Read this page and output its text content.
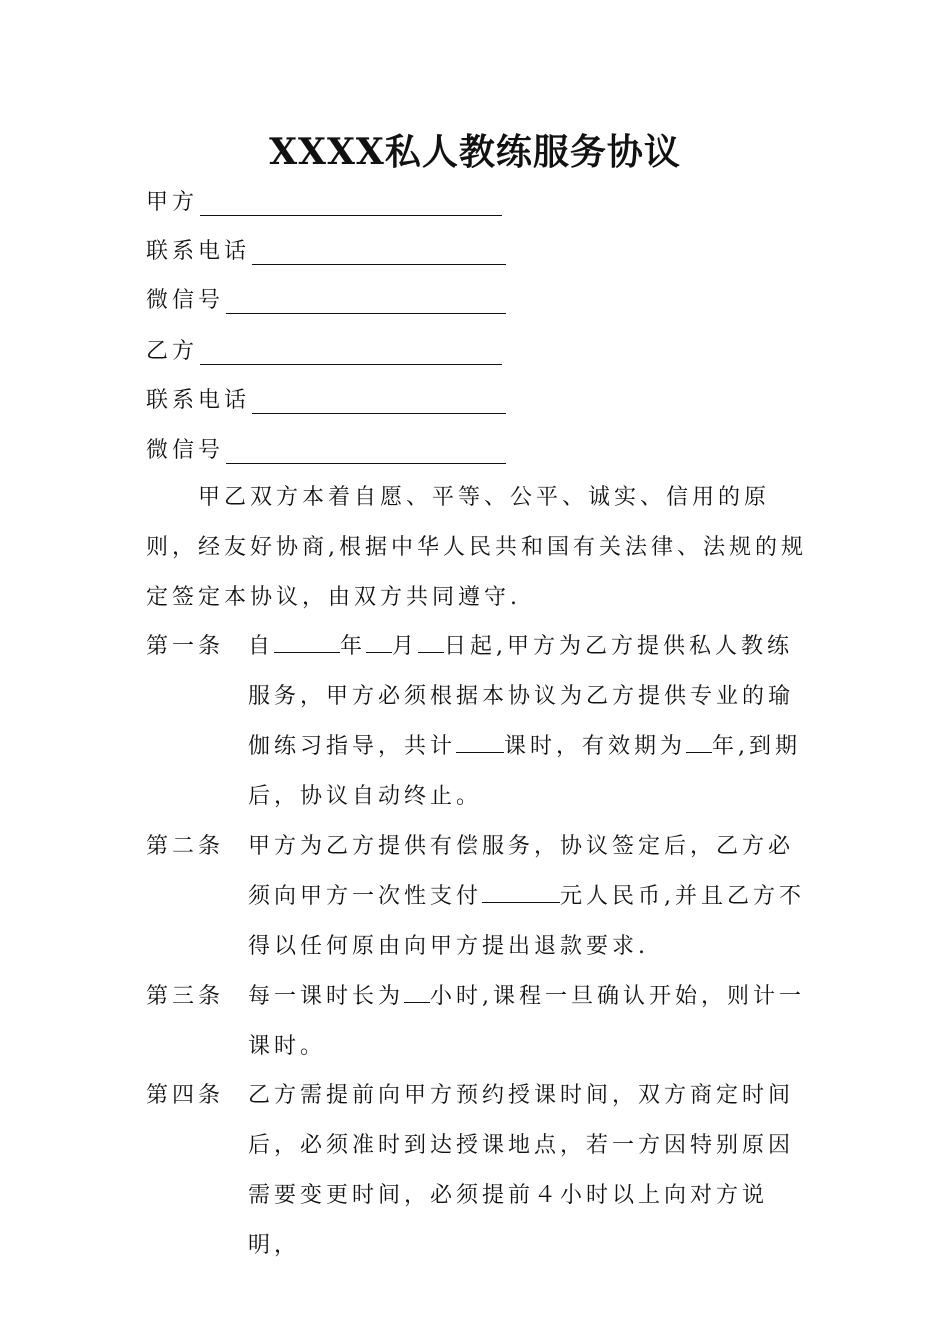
XXXX私人教练服务协议
甲方
联系电话
微信号
乙方
联系电话
微信号
甲乙双方本着自愿、平等、公平、诚实、信用的原则，经友好协商,根据中华人民共和国有关法律、法规的规定签定本协议，由双方共同遵守.
第一条	自	年 月 日起,甲方为乙方提供私人教练服务，甲方必须根据本协议为乙方提供专业的瑜伽练习指导，共计 课时，有效期为 年,到期后，协议自动终止。
第二条	甲方为乙方提供有偿服务，协议签定后，乙方必须向甲方一次性支付	元人民币,并且乙方不得以任何原由向甲方提出退款要求.
第三条	每一课时长为 小时,课程一旦确认开始，则计一课时。
第四条	乙方需提前向甲方预约授课时间，双方商定时间后，必须准时到达授课地点，若一方因特别原因需要变更时间，必须提前４小时以上向对方说明，
